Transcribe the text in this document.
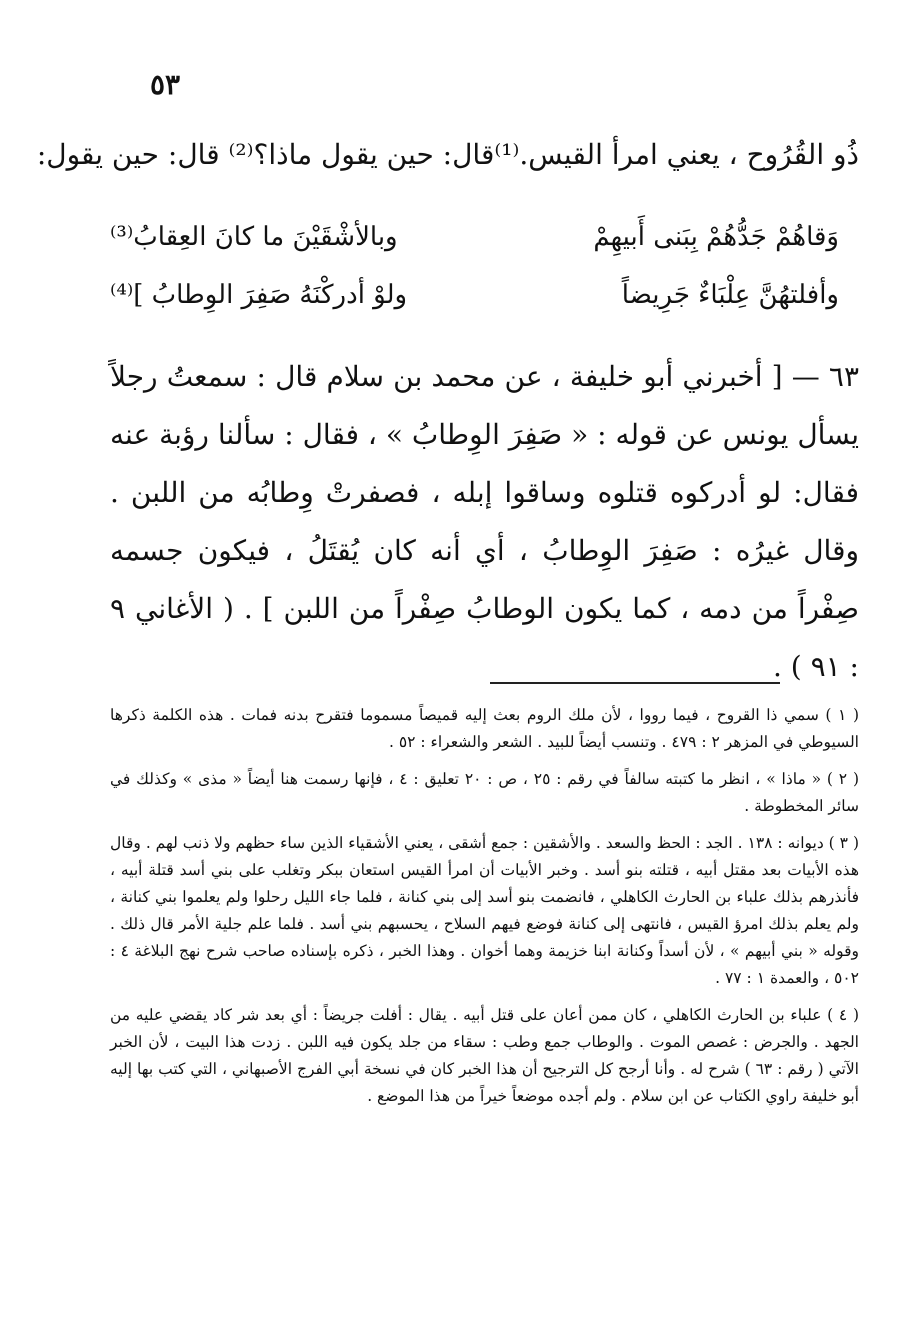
٥٣
ذُو القُرُوح ، يعني امرأ القيس.⁽¹⁾قال: حين يقول ماذا؟⁽²⁾ قال: حين يقول:
وَقاهُمْ جَدُّهُمْ بِبَنى أَبيهِمْ
وبالأشْقَيْنَ ما كانَ العِقابُ⁽³⁾
وأفلتهُنَّ عِلْبَاءٌ جَرِيضاً
ولوْ أدركْنَهُ صَفِرَ الوِطابُ ]⁽⁴⁾
٦٣ — [ أخبرني أبو خليفة ، عن محمد بن سلام قال : سمعتُ رجلاً يسأل يونس عن قوله : « صَفِرَ الوِطابُ » ، فقال : سألنا رؤبة عنه فقال: لو أدركوه قتلوه وساقوا إبله ، فصفرتْ وِطابُه من اللبن . وقال غيرُه : صَفِرَ الوِطابُ ، أي أنه كان يُقتَلُ ، فيكون جسمه صِفْراً من دمه ، كما يكون الوطابُ صِفْراً من اللبن ] . ( الأغاني ٩ : ٩١ ) .

( ١ ) سمي ذا القروح ، فيما رووا ، لأن ملك الروم بعث إليه قميصاً مسموما فتقرح بدنه فمات . هذه الكلمة ذكرها السيوطي في المزهر ٢ : ٤٧٩ . وتنسب أيضاً للبيد . الشعر والشعراء : ٥٢ .

( ٢ ) « ماذا » ، انظر ما كتبته سالفاً في رقم : ٢٥ ، ص : ٢٠ تعليق : ٤ ، فإنها رسمت هنا أيضاً « مذى » وكذلك في سائر المخطوطة .

( ٣ ) ديوانه : ١٣٨ . الجد : الحظ والسعد . والأشقين : جمع أشقى ، يعني الأشقياء الذين ساء حظهم ولا ذنب لهم . وقال هذه الأبيات بعد مقتل أبيه ، قتلته بنو أسد . وخبر الأبيات أن امرأ القيس استعان ببكر وتغلب على بني أسد قتلة أبيه ، فأنذرهم بذلك علباء بن الحارث الكاهلي ، فانضمت بنو أسد إلى بني كنانة ، فلما جاء الليل رحلوا ولم يعلموا بني كنانة ، ولم يعلم بذلك امرؤ القيس ، فانتهى إلى كنانة فوضع فيهم السلاح ، يحسبهم بني أسد . فلما علم جلية الأمر قال ذلك . وقوله « بني أبيهم » ، لأن أسداً وكنانة ابنا خزيمة وهما أخوان . وهذا الخبر ، ذكره بإسناده صاحب شرح نهج البلاغة ٤ : ٥٠٢ ، والعمدة ١ : ٧٧ .

( ٤ ) علباء بن الحارث الكاهلي ، كان ممن أعان على قتل أبيه . يقال : أفلت جريضاً : أي بعد شر كاد يقضي عليه من الجهد . والجرض : غصص الموت . والوطاب جمع وطب : سقاء من جلد يكون فيه اللبن . زدت هذا البيت ، لأن الخبر الآتي ( رقم : ٦٣ ) شرح له . وأنا أرجح كل الترجيح أن هذا الخبر كان في نسخة أبي الفرج الأصبهاني ، التي كتب بها إليه أبو خليفة راوي الكتاب عن ابن سلام . ولم أجده موضعاً خيراً من هذا الموضع .
